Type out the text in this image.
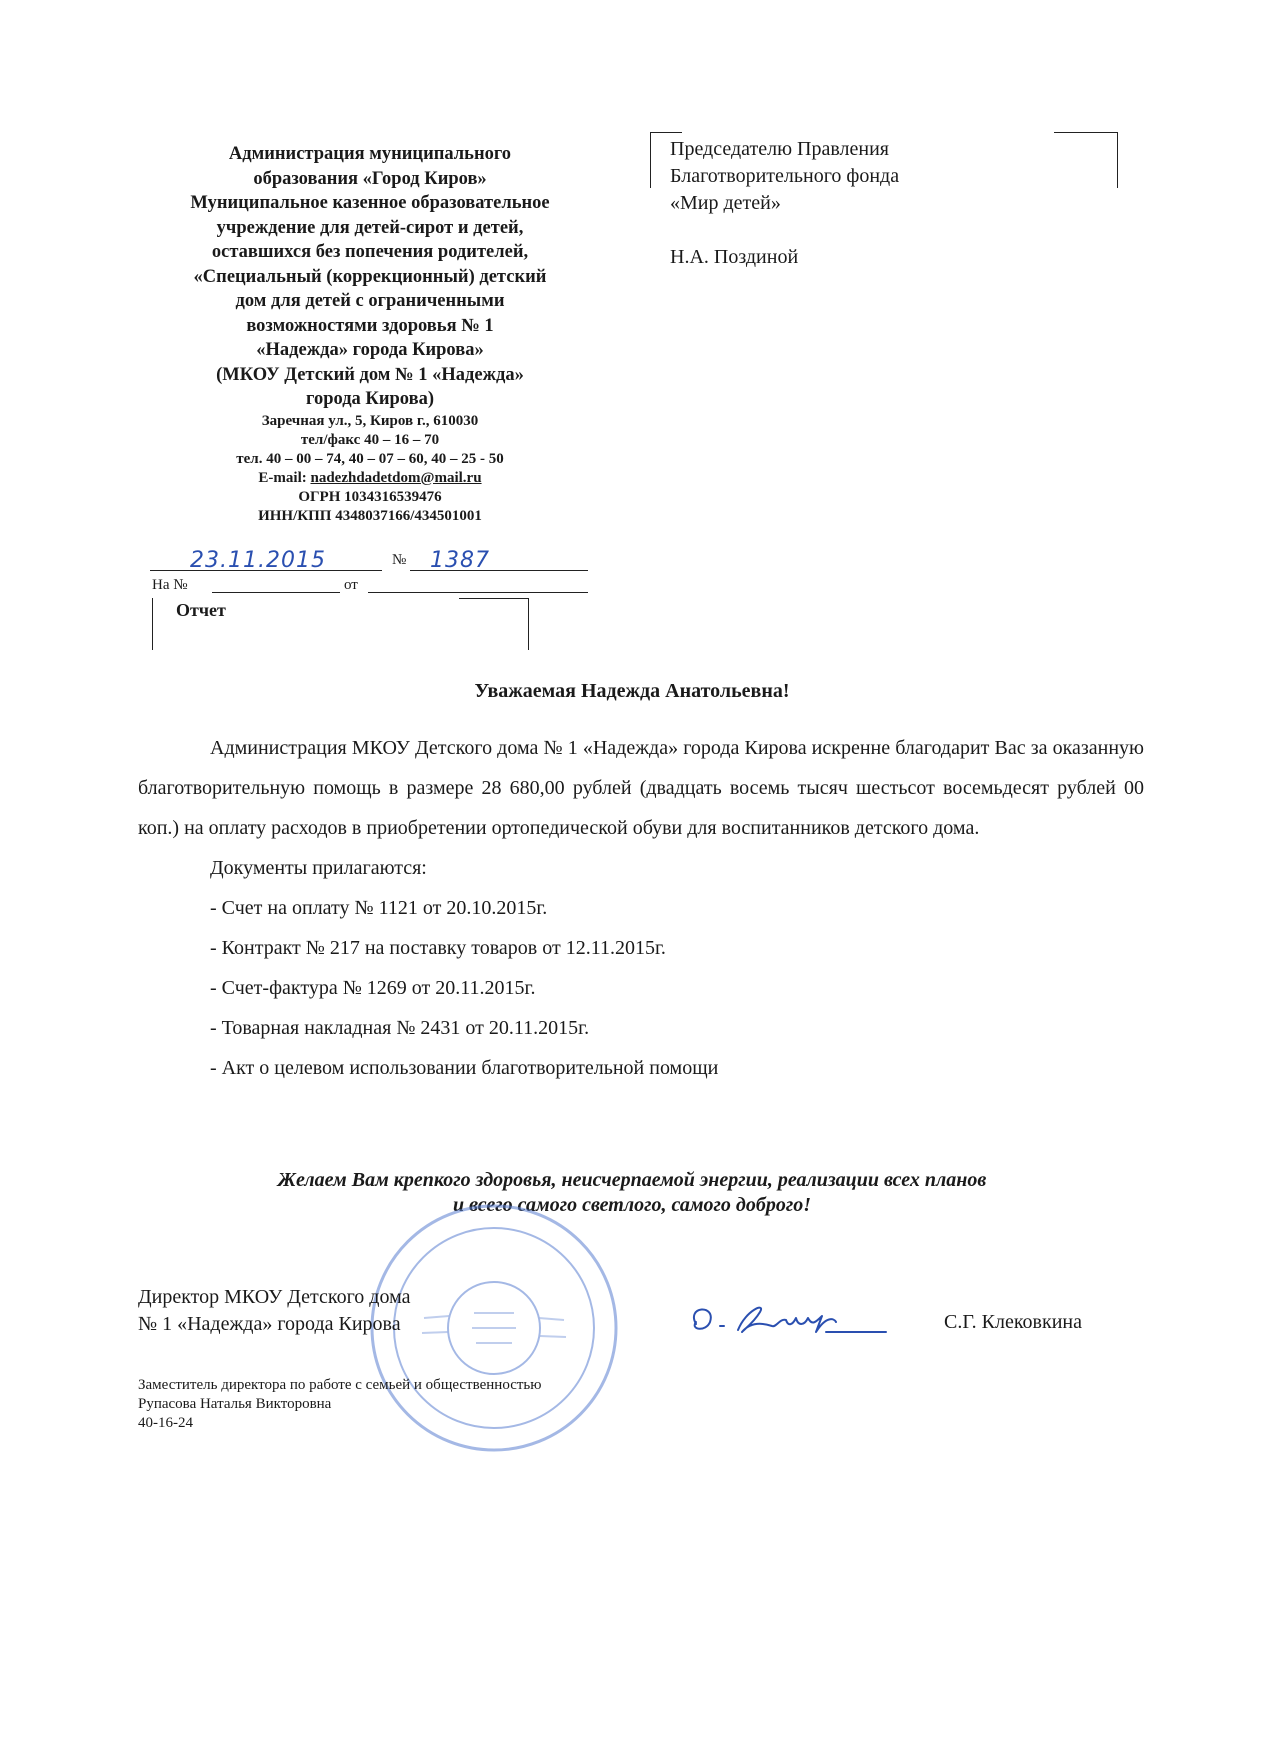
Администрация муниципального
образования «Город Киров»
Муниципальное казенное образовательное
учреждение для детей-сирот и детей,
оставшихся без попечения родителей,
«Специальный (коррекционный) детский
дом для детей с ограниченными
возможностями здоровья № 1
«Надежда» города Кирова»
(МКОУ Детский дом № 1 «Надежда»
города Кирова)
Заречная ул., 5, Киров г., 610030
тел/факс 40 – 16 – 70
тел. 40 – 00 – 74, 40 – 07 – 60, 40 – 25 - 50
E-mail: nadezhdadetdom@mail.ru
ОГРН 1034316539476
ИНН/КПП 4348037166/434501001
23.11.2015	№ 1387
На №	от
Отчет
Председателю Правления
Благотворительного фонда
«Мир детей»
Н.А. Поздиной
Уважаемая Надежда Анатольевна!

Администрация МКОУ Детского дома № 1 «Надежда» города Кирова искренне благодарит Вас за оказанную благотворительную помощь в размере 28 680,00 рублей (двадцать восемь тысяч шестьсот восемьдесят рублей 00 коп.) на оплату расходов в приобретении ортопедической обуви для воспитанников детского дома.

Документы прилагаются:

- Счет на оплату № 1121 от 20.10.2015г.

- Контракт № 217 на поставку товаров от 12.11.2015г.

- Счет-фактура № 1269 от 20.11.2015г.

- Товарная накладная № 2431 от 20.11.2015г.

- Акт о целевом использовании благотворительной помощи

Желаем Вам крепкого здоровья, неисчерпаемой энергии, реализации всех планов
и всего самого светлого, самого доброго!
Директор МКОУ Детского дома
№ 1 «Надежда» города Кирова	С.Г. Клековкина
Заместитель директора по работе с семьей и общественностью
Рупасова Наталья Викторовна
40-16-24
